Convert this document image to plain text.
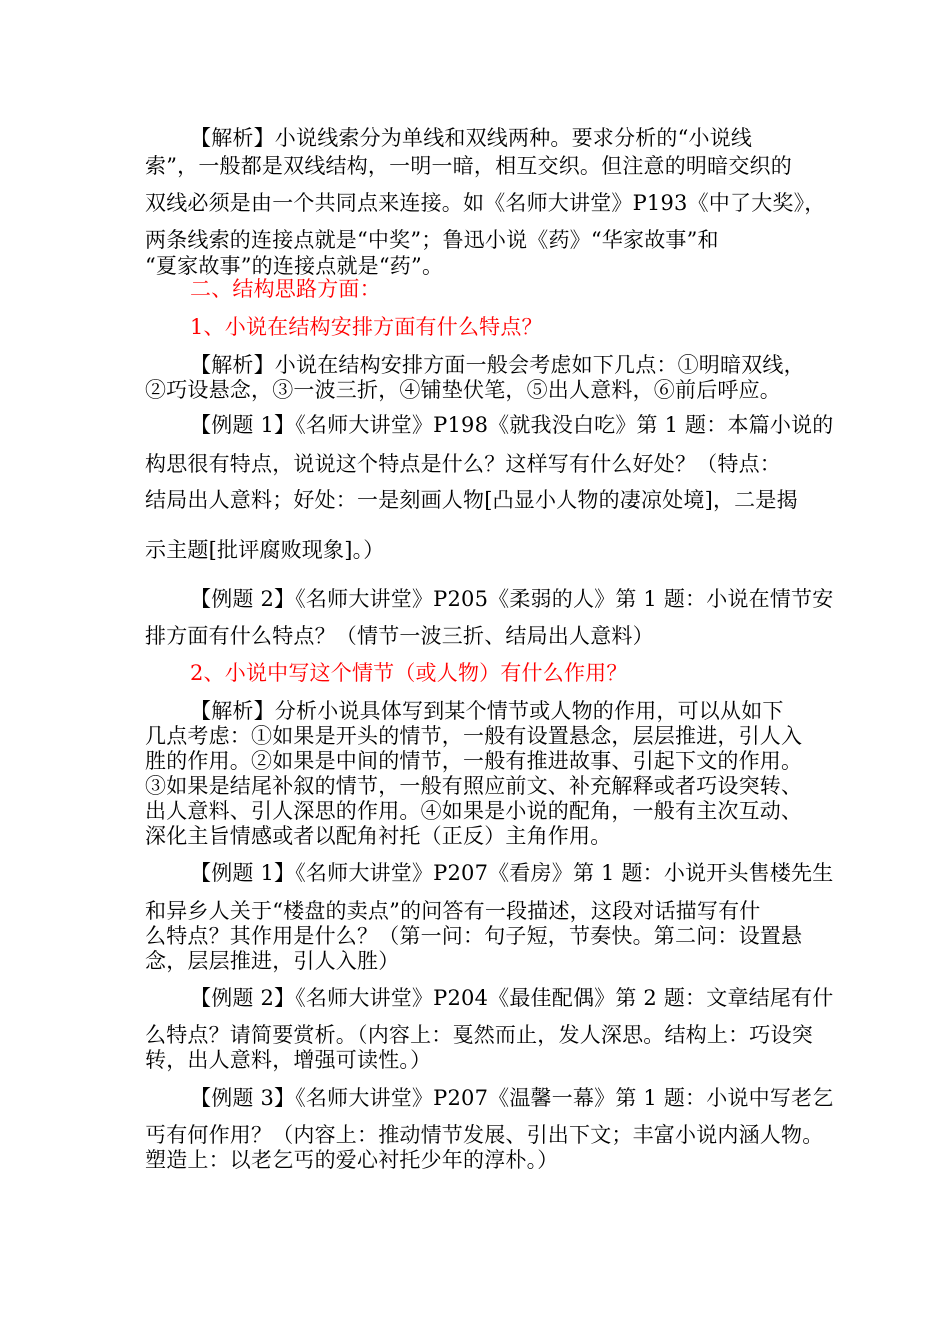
【解析】小说线索分为单线和双线两种。要求分析的“小说线
索”，一般都是双线结构，一明一暗，相互交织。但注意的明暗交织的
双线必须是由一个共同点来连接。如《名师大讲堂》P193《中了大奖》，
两条线索的连接点就是“中奖”；鲁迅小说《药》“华家故事”和
“夏家故事”的连接点就是“药”。
二、结构思路方面：
1、小说在结构安排方面有什么特点？
【解析】小说在结构安排方面一般会考虑如下几点：①明暗双线，
②巧设悬念，③一波三折，④铺垫伏笔，⑤出人意料，⑥前后呼应。
【例题 1】《名师大讲堂》P198《就我没白吃》第 1 题：本篇小说的
构思很有特点，说说这个特点是什么？这样写有什么好处？（特点：
结局出人意料；好处：一是刻画人物[凸显小人物的凄凉处境]，二是揭
示主题[批评腐败现象]。）
【例题 2】《名师大讲堂》P205《柔弱的人》第 1 题：小说在情节安
排方面有什么特点？（情节一波三折、结局出人意料）
2、小说中写这个情节（或人物）有什么作用？
【解析】分析小说具体写到某个情节或人物的作用，可以从如下
几点考虑：①如果是开头的情节，一般有设置悬念，层层推进，引人入
胜的作用。②如果是中间的情节，一般有推进故事、引起下文的作用。
③如果是结尾补叙的情节，一般有照应前文、补充解释或者巧设突转、
出人意料、引人深思的作用。④如果是小说的配角，一般有主次互动、
深化主旨情感或者以配角衬托（正反）主角作用。
【例题 1】《名师大讲堂》P207《看房》第 1 题：小说开头售楼先生
和异乡人关于“楼盘的卖点”的问答有一段描述，这段对话描写有什
么特点？其作用是什么？（第一问：句子短，节奏快。第二问：设置悬
念，层层推进，引人入胜）
【例题 2】《名师大讲堂》P204《最佳配偶》第 2 题：文章结尾有什
么特点？请简要赏析。（内容上：戛然而止，发人深思。结构上：巧设突
转，出人意料，增强可读性。）
【例题 3】《名师大讲堂》P207《温馨一幕》第 1 题：小说中写老乞
丐有何作用？（内容上：推动情节发展、引出下文；丰富小说内涵人物。
塑造上：以老乞丐的爱心衬托少年的淳朴。）
